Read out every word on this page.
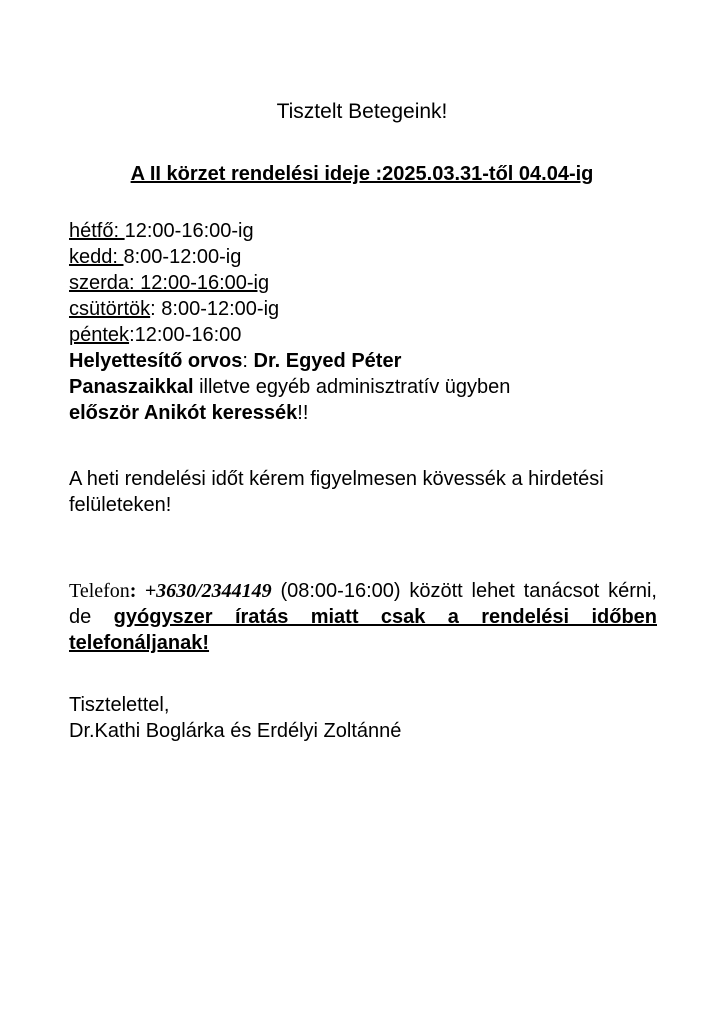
Tisztelt Betegeink!
A II körzet rendelési ideje :2025.03.31-től 04.04-ig
hétfő: 12:00-16:00-ig
kedd: 8:00-12:00-ig
szerda: 12:00-16:00-ig
csütörtök: 8:00-12:00-ig
péntek:12:00-16:00
Helyettesítő orvos: Dr. Egyed Péter
Panaszaikkal illetve egyéb adminisztratív ügyben
először Anikót keressék!!
A heti rendelési időt kérem figyelmesen kövessék a hirdetési felületeken!
Telefon: +3630/2344149 (08:00-16:00) között lehet tanácsot kérni, de gyógyszer íratás miatt csak a rendelési időben telefonáljanak!
Tisztelettel,
Dr.Kathi Boglárka és Erdélyi Zoltánné
